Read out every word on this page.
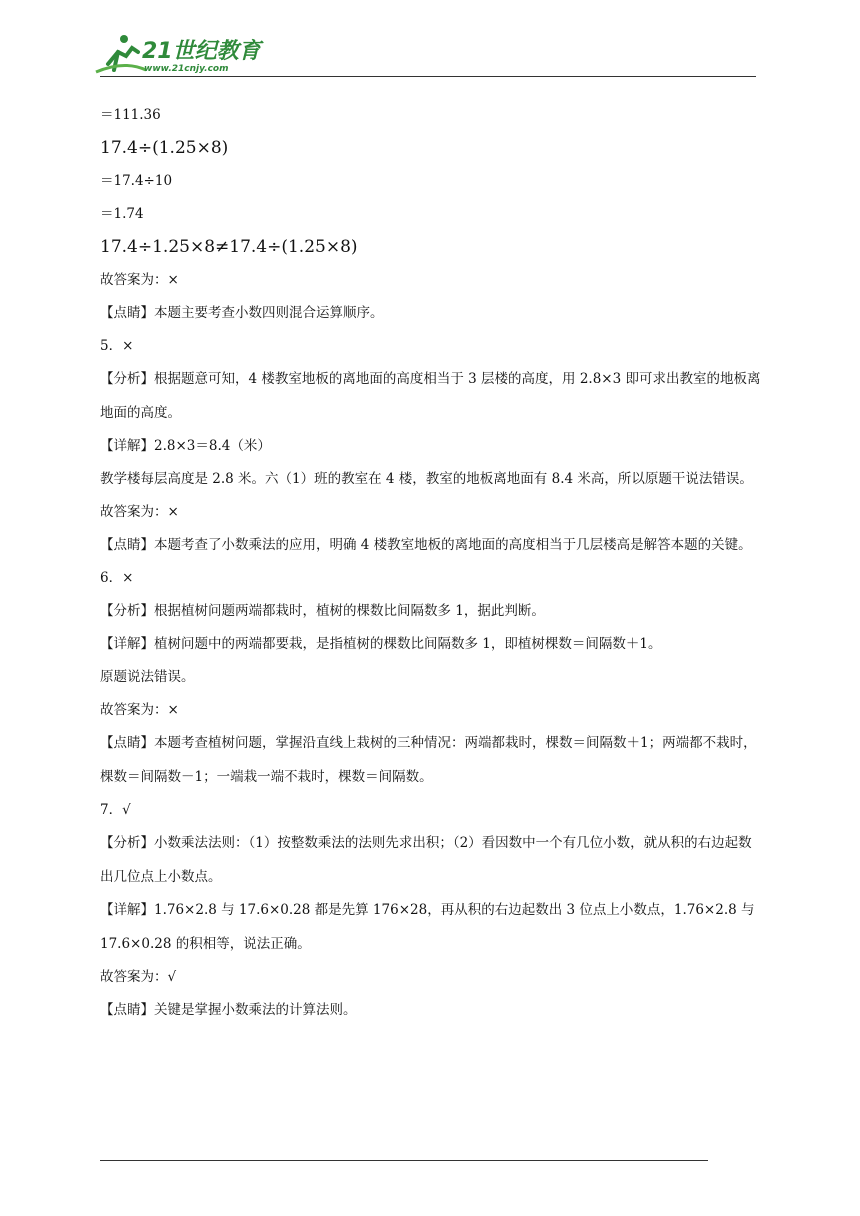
21世纪教育
www.21cnjy.com
＝111.36
17.4÷(1.25×8)
＝17.4÷10
＝1.74
17.4÷1.25×8≠17.4÷(1.25×8)
故答案为：×
【点睛】本题主要考查小数四则混合运算顺序。
5．×
【分析】根据题意可知，4 楼教室地板的离地面的高度相当于 3 层楼的高度，用 2.8×3 即可求出教室的地板离地面的高度。
【详解】2.8×3＝8.4（米）
教学楼每层高度是 2.8 米。六（1）班的教室在 4 楼，教室的地板离地面有 8.4 米高，所以原题干说法错误。
故答案为：×
【点睛】本题考查了小数乘法的应用，明确 4 楼教室地板的离地面的高度相当于几层楼高是解答本题的关键。
6．×
【分析】根据植树问题两端都栽时，植树的棵数比间隔数多 1，据此判断。
【详解】植树问题中的两端都要栽，是指植树的棵数比间隔数多 1，即植树棵数＝间隔数＋1。
原题说法错误。
故答案为：×
【点睛】本题考查植树问题，掌握沿直线上栽树的三种情况：两端都栽时，棵数＝间隔数＋1；两端都不栽时，棵数＝间隔数－1；一端栽一端不栽时，棵数＝间隔数。
7．√
【分析】小数乘法法则：（1）按整数乘法的法则先求出积；（2）看因数中一个有几位小数，就从积的右边起数出几位点上小数点。
【详解】1.76×2.8 与 17.6×0.28 都是先算 176×28，再从积的右边起数出 3 位点上小数点，1.76×2.8 与 17.6×0.28 的积相等，说法正确。
故答案为：√
【点睛】关键是掌握小数乘法的计算法则。
